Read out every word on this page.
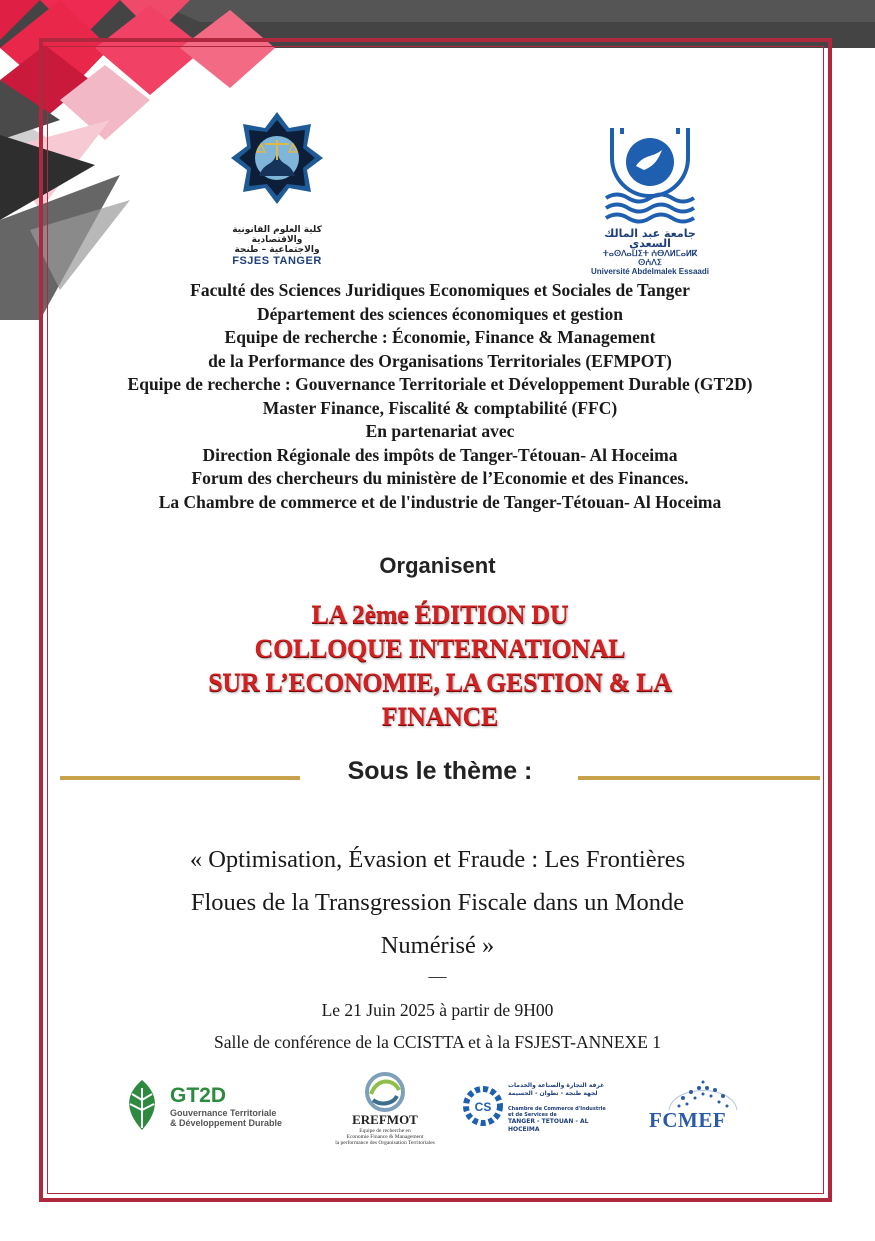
كلية العلوم القانونية والاقتصادية
والاجتماعية – طنجة
FSJES TANGER
جامعة عبد المالك السعدي
ⵜⴰⵙⴷⴰⵡⵉⵜ ⵄⴱⴷⵍⵎⴰⵍⴽ ⵙⵄⴷⵉ
Université Abdelmalek Essaadi
Faculté des Sciences Juridiques Economiques et Sociales de Tanger
Département des sciences économiques et gestion
Equipe de recherche : Économie, Finance & Management
de la Performance des Organisations Territoriales (EFMPOT)
Equipe de recherche : Gouvernance Territoriale et Développement Durable (GT2D)
Master Finance, Fiscalité & comptabilité (FFC)
En partenariat avec
Direction Régionale des impôts de Tanger-Tétouan- Al Hoceima
Forum des chercheurs du ministère de l’Economie et des Finances.
La Chambre de commerce et de l'industrie de Tanger-Tétouan- Al Hoceima
Organisent
LA 2ème ÉDITION DU
COLLOQUE INTERNATIONAL
SUR L’ECONOMIE, LA GESTION & LA
FINANCE
Sous le thème :
« Optimisation, Évasion et Fraude : Les Frontières
Floues de la Transgression Fiscale dans un Monde
Numérisé »
—
Le 21 Juin 2025 à partir de 9H00
Salle de conférence de la CCISTTA et à la FSJEST-ANNEXE 1
GT2D
Gouvernance Territoriale
& Développement Durable	EREFMOT
Equipe de recherche en
Economie Finance & Management
la performance des Organisation Territoriales
CS
غرفة التجارة والصناعة والخدمات
لجهة طنجة - تطوان - الحسيمة
Chambre de Commerce d'Industrie et de Services de
TANGER - TETOUAN - AL HOCEIMA	FCMEF
